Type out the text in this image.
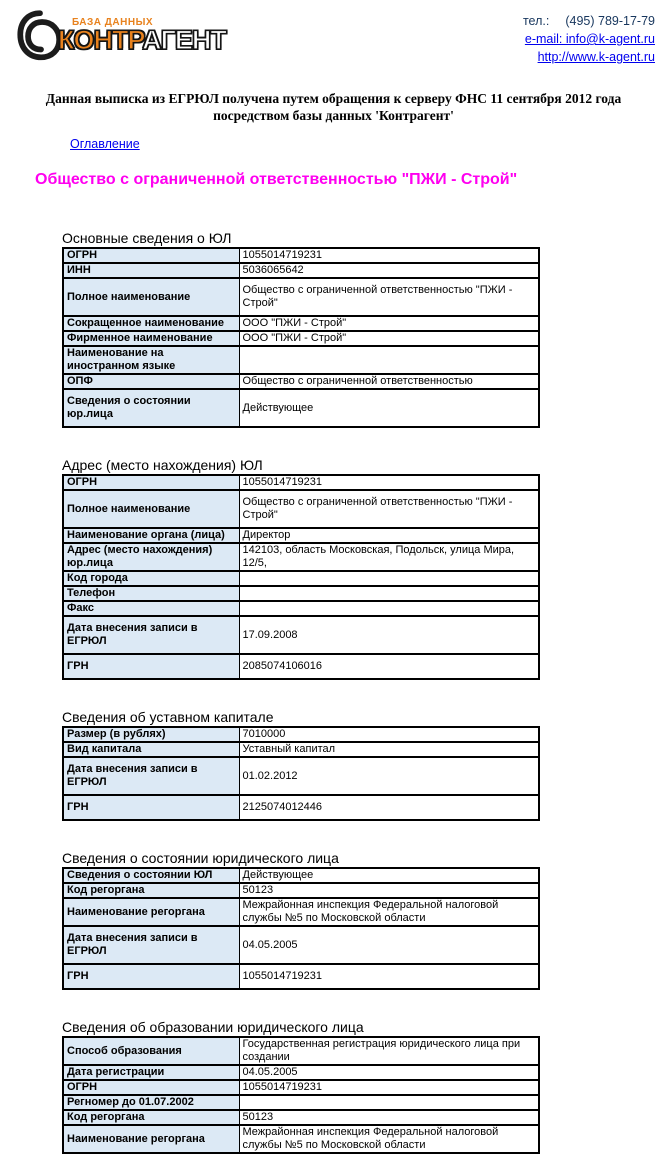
БАЗА ДАННЫХ
КОНТРАГЕНТ
тел.: (495) 789-17-79
e-mail: info@k-agent.ru
http://www.k-agent.ru

Данная выписка из ЕГРЮЛ получена путем обращения к серверу ФНС 11 сентября 2012 года посредством базы данных 'Контрагент'

Оглавление
Общество с ограниченной ответственностью "ПЖИ - Строй"
Основные сведения о ЮЛ
ОГРН	1055014719231
ИНН	5036065642
Полное наименование	Общество с ограниченной ответственностью "ПЖИ - Строй"
Сокращенное наименование	ООО "ПЖИ - Строй"
Фирменное наименование	ООО "ПЖИ - Строй"
Наименование на иностранном языке	
ОПФ	Общество с ограниченной ответственностью
Сведения о состоянии юр.лица	Действующее
Адрес (место нахождения) ЮЛ
ОГРН	1055014719231
Полное наименование	Общество с ограниченной ответственностью "ПЖИ - Строй"
Наименование органа (лица)	Директор
Адрес (место нахождения) юр.лица	142103, область Московская, Подольск, улица Мира, 12/5,
Код города	
Телефон	
Факс	
Дата внесения записи в ЕГРЮЛ	17.09.2008
ГРН	2085074106016
Сведения об уставном капитале
Размер (в рублях)	7010000
Вид капитала	Уставный капитал
Дата внесения записи в ЕГРЮЛ	01.02.2012
ГРН	2125074012446
Сведения о состоянии юридического лица
Сведения о состоянии ЮЛ	Действующее
Код регоргана	50123
Наименование регоргана	Межрайонная инспекция Федеральной налоговой службы №5 по Московской области
Дата внесения записи в ЕГРЮЛ	04.05.2005
ГРН	1055014719231
Сведения об образовании юридического лица
Способ образования	Государственная регистрация юридического лица при создании
Дата регистрации	04.05.2005
ОГРН	1055014719231
Регномер до 01.07.2002	
Код регоргана	50123
Наименование регоргана	Межрайонная инспекция Федеральной налоговой службы №5 по Московской области
